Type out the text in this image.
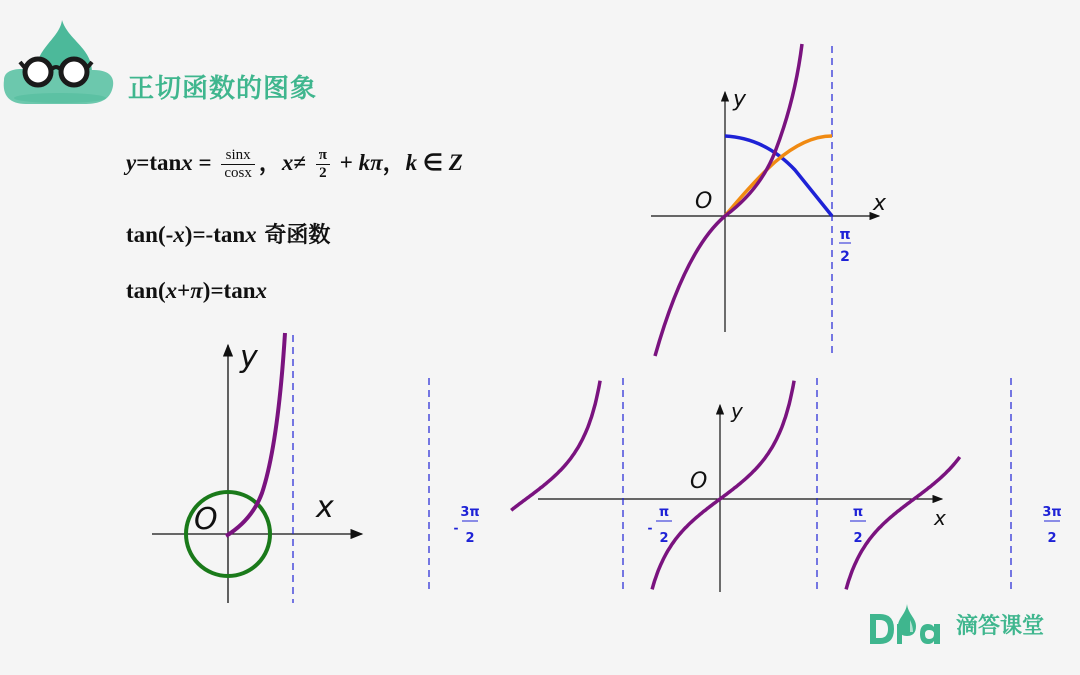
正切函数的图象
$y=\tan x = \frac{\sin x}{\cos x}$ ，$x\ne \frac{\pi}{2} + k\pi$，k ∈ Z
tan(-x)=-tanx 奇函数
tan(x+π)=tanx
y
x
O
y
x
O
π
2
y
x
O
3π
2
-
π
2
-
π
2
3π
2
滴答课堂
